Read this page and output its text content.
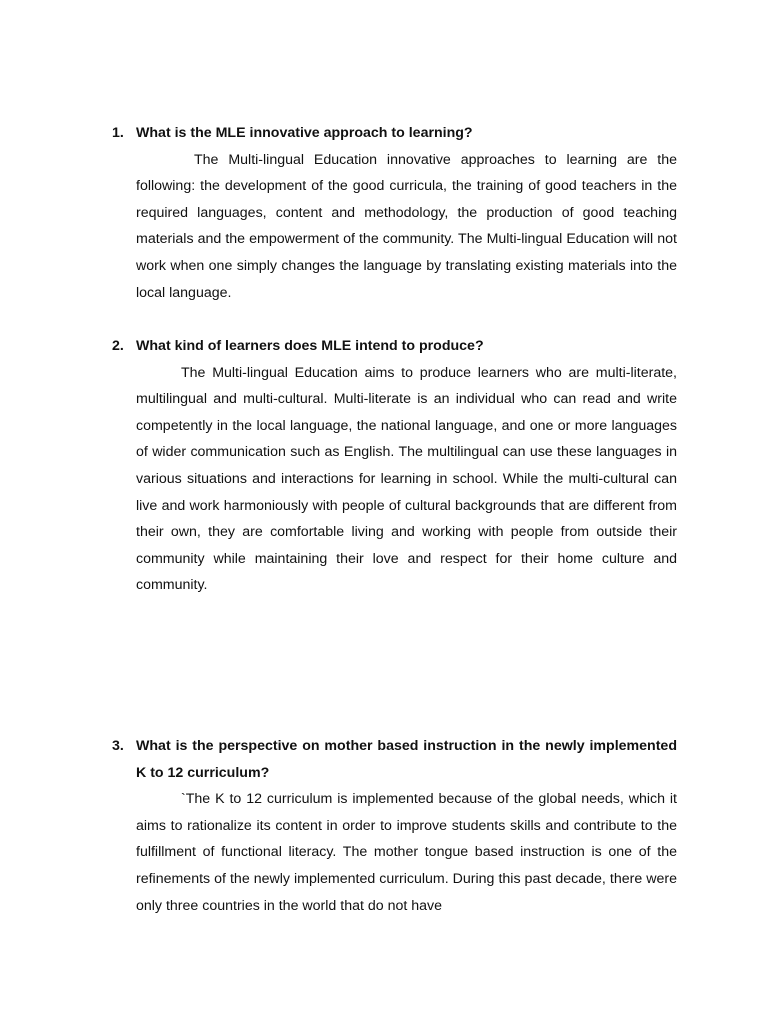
1. What is the MLE innovative approach to learning?
The Multi-lingual Education innovative approaches to learning are the following: the development of the good curricula, the training of good teachers in the required languages, content and methodology, the production of good teaching materials and the empowerment of the community. The Multi-lingual Education will not work when one simply changes the language by translating existing materials into the local language.
2. What kind of learners does MLE intend to produce?
The Multi-lingual Education aims to produce learners who are multi-literate, multilingual and multi-cultural. Multi-literate is an individual who can read and write competently in the local language, the national language, and one or more languages of wider communication such as English. The multilingual can use these languages in various situations and interactions for learning in school. While the multi-cultural can live and work harmoniously with people of cultural backgrounds that are different from their own, they are comfortable living and working with people from outside their community while maintaining their love and respect for their home culture and community.
3. What is the perspective on mother based instruction in the newly implemented K to 12 curriculum?
`The K to 12 curriculum is implemented because of the global needs, which it aims to rationalize its content in order to improve students skills and contribute to the fulfillment of functional literacy. The mother tongue based instruction is one of the refinements of the newly implemented curriculum. During this past decade, there were only three countries in the world that do not have
